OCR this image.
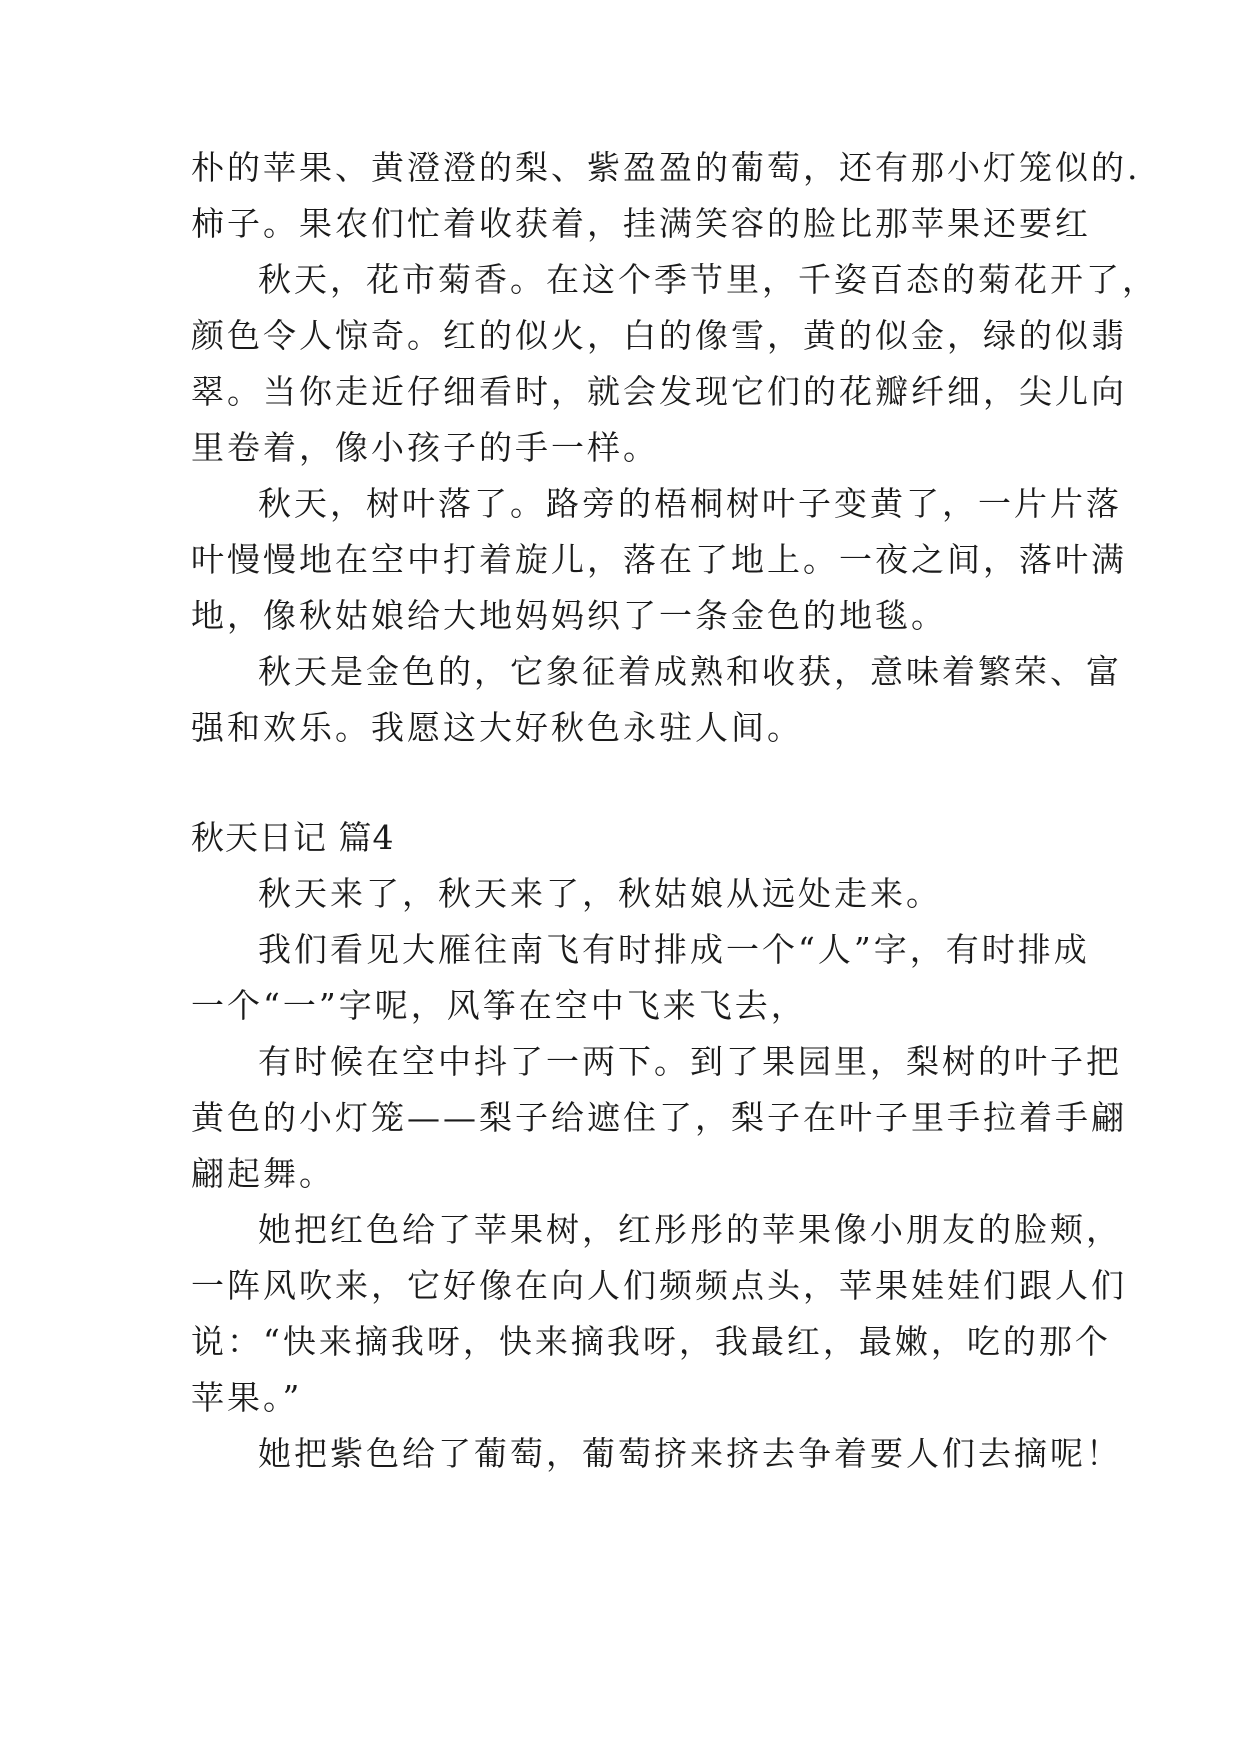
朴的苹果、黄澄澄的梨、紫盈盈的葡萄，还有那小灯笼似的.
柿子。果农们忙着收获着，挂满笑容的脸比那苹果还要红
秋天，花市菊香。在这个季节里，千姿百态的菊花开了，
颜色令人惊奇。红的似火，白的像雪，黄的似金，绿的似翡
翠。当你走近仔细看时，就会发现它们的花瓣纤细，尖儿向
里卷着，像小孩子的手一样。
秋天，树叶落了。路旁的梧桐树叶子变黄了，一片片落
叶慢慢地在空中打着旋儿，落在了地上。一夜之间，落叶满
地，像秋姑娘给大地妈妈织了一条金色的地毯。
秋天是金色的，它象征着成熟和收获，意味着繁荣、富
强和欢乐。我愿这大好秋色永驻人间。
秋天日记 篇4
秋天来了，秋天来了，秋姑娘从远处走来。
我们看见大雁往南飞有时排成一个“人”字，有时排成
一个“一”字呢，风筝在空中飞来飞去，
有时候在空中抖了一两下。到了果园里，梨树的叶子把
黄色的小灯笼——梨子给遮住了，梨子在叶子里手拉着手翩
翩起舞。
她把红色给了苹果树，红彤彤的苹果像小朋友的脸颊，
一阵风吹来，它好像在向人们频频点头，苹果娃娃们跟人们
说：“快来摘我呀，快来摘我呀，我最红，最嫩，吃的那个
苹果。”
她把紫色给了葡萄，葡萄挤来挤去争着要人们去摘呢！
